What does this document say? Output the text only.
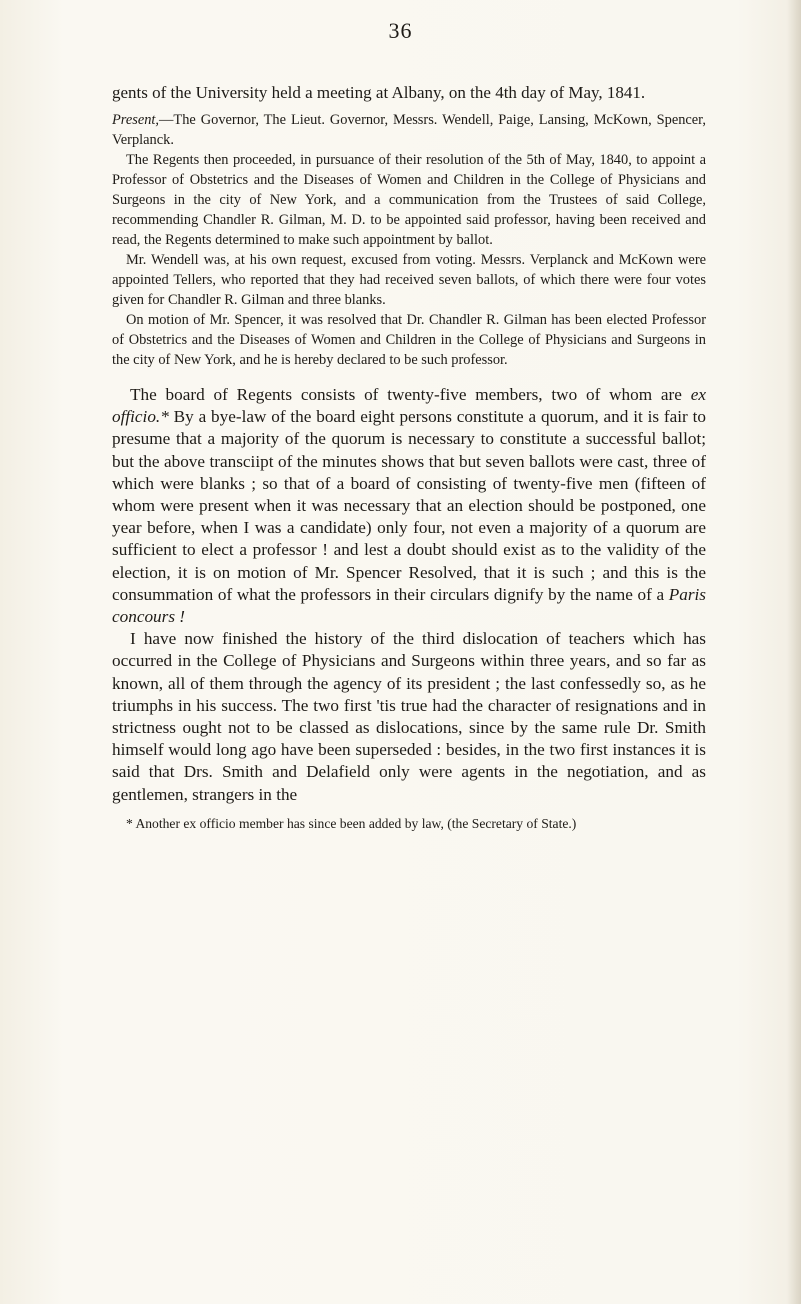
36

gents of the University held a meeting at Albany, on the 4th day of May, 1841.

Present,—The Governor, The Lieut. Governor, Messrs. Wendell, Paige, Lansing, McKown, Spencer, Verplanck.

The Regents then proceeded, in pursuance of their resolution of the 5th of May, 1840, to appoint a Professor of Obstetrics and the Diseases of Women and Children in the College of Physicians and Surgeons in the city of New York, and a communication from the Trustees of said College, recommending Chandler R. Gilman, M. D. to be appointed said professor, having been received and read, the Regents determined to make such appointment by ballot.

Mr. Wendell was, at his own request, excused from voting. Messrs. Verplanck and McKown were appointed Tellers, who reported that they had received seven ballots, of which there were four votes given for Chandler R. Gilman and three blanks.

On motion of Mr. Spencer, it was resolved that Dr. Chandler R. Gilman has been elected Professor of Obstetrics and the Diseases of Women and Children in the College of Physicians and Surgeons in the city of New York, and he is hereby declared to be such professor.

The board of Regents consists of twenty-five members, two of whom are ex officio.* By a bye-law of the board eight persons constitute a quorum, and it is fair to presume that a majority of the quorum is necessary to constitute a successful ballot; but the above transciipt of the minutes shows that but seven ballots were cast, three of which were blanks ; so that of a board of consisting of twenty-five men (fifteen of whom were present when it was necessary that an election should be postponed, one year before, when I was a candidate) only four, not even a majority of a quorum are sufficient to elect a professor ! and lest a doubt should exist as to the validity of the election, it is on motion of Mr. Spencer Resolved, that it is such ; and this is the consummation of what the professors in their circulars dignify by the name of a Paris concours !

I have now finished the history of the third dislocation of teachers which has occurred in the College of Physicians and Surgeons within three years, and so far as known, all of them through the agency of its president ; the last confessedly so, as he triumphs in his success. The two first 'tis true had the character of resignations and in strictness ought not to be classed as dislocations, since by the same rule Dr. Smith himself would long ago have been superseded : besides, in the two first instances it is said that Drs. Smith and Delafield only were agents in the negotiation, and as gentlemen, strangers in the

* Another ex officio member has since been added by law, (the Secretary of State.)
